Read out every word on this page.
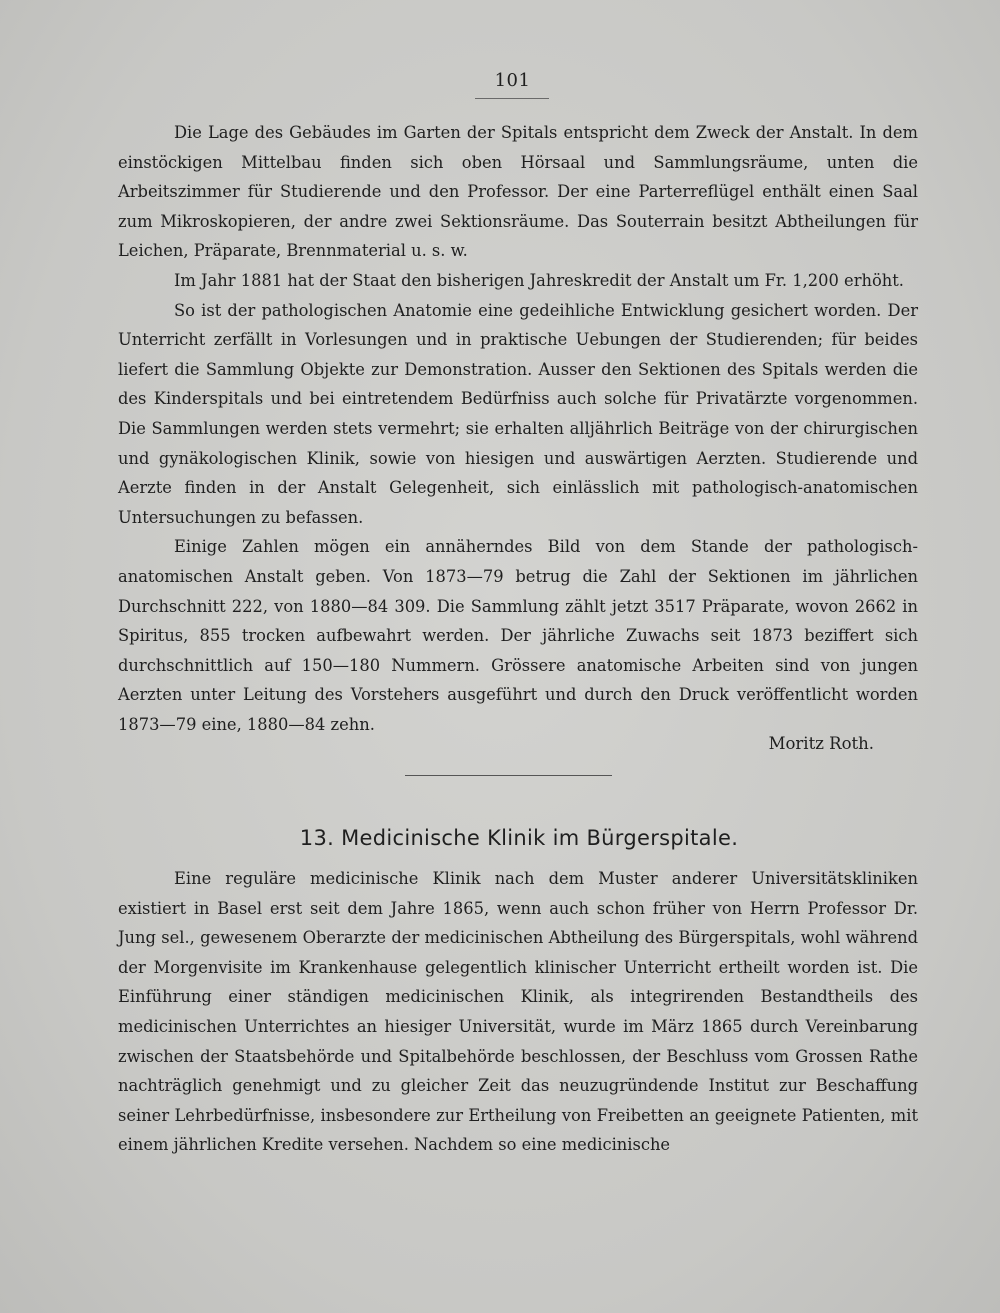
101

Die Lage des Gebäudes im Garten der Spitals entspricht dem Zweck der Anstalt. In dem einstöckigen Mittelbau finden sich oben Hörsaal und Sammlungsräume, unten die Arbeitszimmer für Studierende und den Professor. Der eine Parterreflügel enthält einen Saal zum Mikroskopieren, der andre zwei Sektionsräume. Das Souterrain besitzt Abtheilungen für Leichen, Präparate, Brennmaterial u. s. w.

Im Jahr 1881 hat der Staat den bisherigen Jahreskredit der Anstalt um Fr. 1,200 erhöht.

So ist der pathologischen Anatomie eine gedeihliche Entwicklung gesichert worden. Der Unterricht zerfällt in Vorlesungen und in praktische Uebungen der Studierenden; für beides liefert die Sammlung Objekte zur Demonstration. Ausser den Sektionen des Spitals werden die des Kinderspitals und bei eintretendem Bedürfniss auch solche für Privatärzte vorgenommen. Die Sammlungen werden stets vermehrt; sie erhalten alljährlich Beiträge von der chirurgischen und gynäkologischen Klinik, sowie von hiesigen und auswärtigen Aerzten. Studierende und Aerzte finden in der Anstalt Gelegenheit, sich einlässlich mit pathologisch-anatomischen Untersuchungen zu befassen.

Einige Zahlen mögen ein annäherndes Bild von dem Stande der pathologisch-anatomischen Anstalt geben. Von 1873—79 betrug die Zahl der Sektionen im jährlichen Durchschnitt 222, von 1880—84 309. Die Sammlung zählt jetzt 3517 Präparate, wovon 2662 in Spiritus, 855 trocken aufbewahrt werden. Der jährliche Zuwachs seit 1873 beziffert sich durchschnittlich auf 150—180 Nummern. Grössere anatomische Arbeiten sind von jungen Aerzten unter Leitung des Vorstehers ausgeführt und durch den Druck veröffentlicht worden 1873—79 eine, 1880—84 zehn.

Moritz Roth.
13. Medicinische Klinik im Bürgerspitale.

Eine reguläre medicinische Klinik nach dem Muster anderer Universitätskliniken existiert in Basel erst seit dem Jahre 1865, wenn auch schon früher von Herrn Professor Dr. Jung sel., gewesenem Oberarzte der medicinischen Abtheilung des Bürgerspitals, wohl während der Morgenvisite im Krankenhause gelegentlich klinischer Unterricht ertheilt worden ist. Die Einführung einer ständigen medicinischen Klinik, als integrirenden Bestandtheils des medicinischen Unterrichtes an hiesiger Universität, wurde im März 1865 durch Vereinbarung zwischen der Staatsbehörde und Spitalbehörde beschlossen, der Beschluss vom Grossen Rathe nachträglich genehmigt und zu gleicher Zeit das neuzugründende Institut zur Beschaffung seiner Lehrbedürfnisse, insbesondere zur Ertheilung von Freibetten an geeignete Patienten, mit einem jährlichen Kredite versehen. Nachdem so eine medicinische
